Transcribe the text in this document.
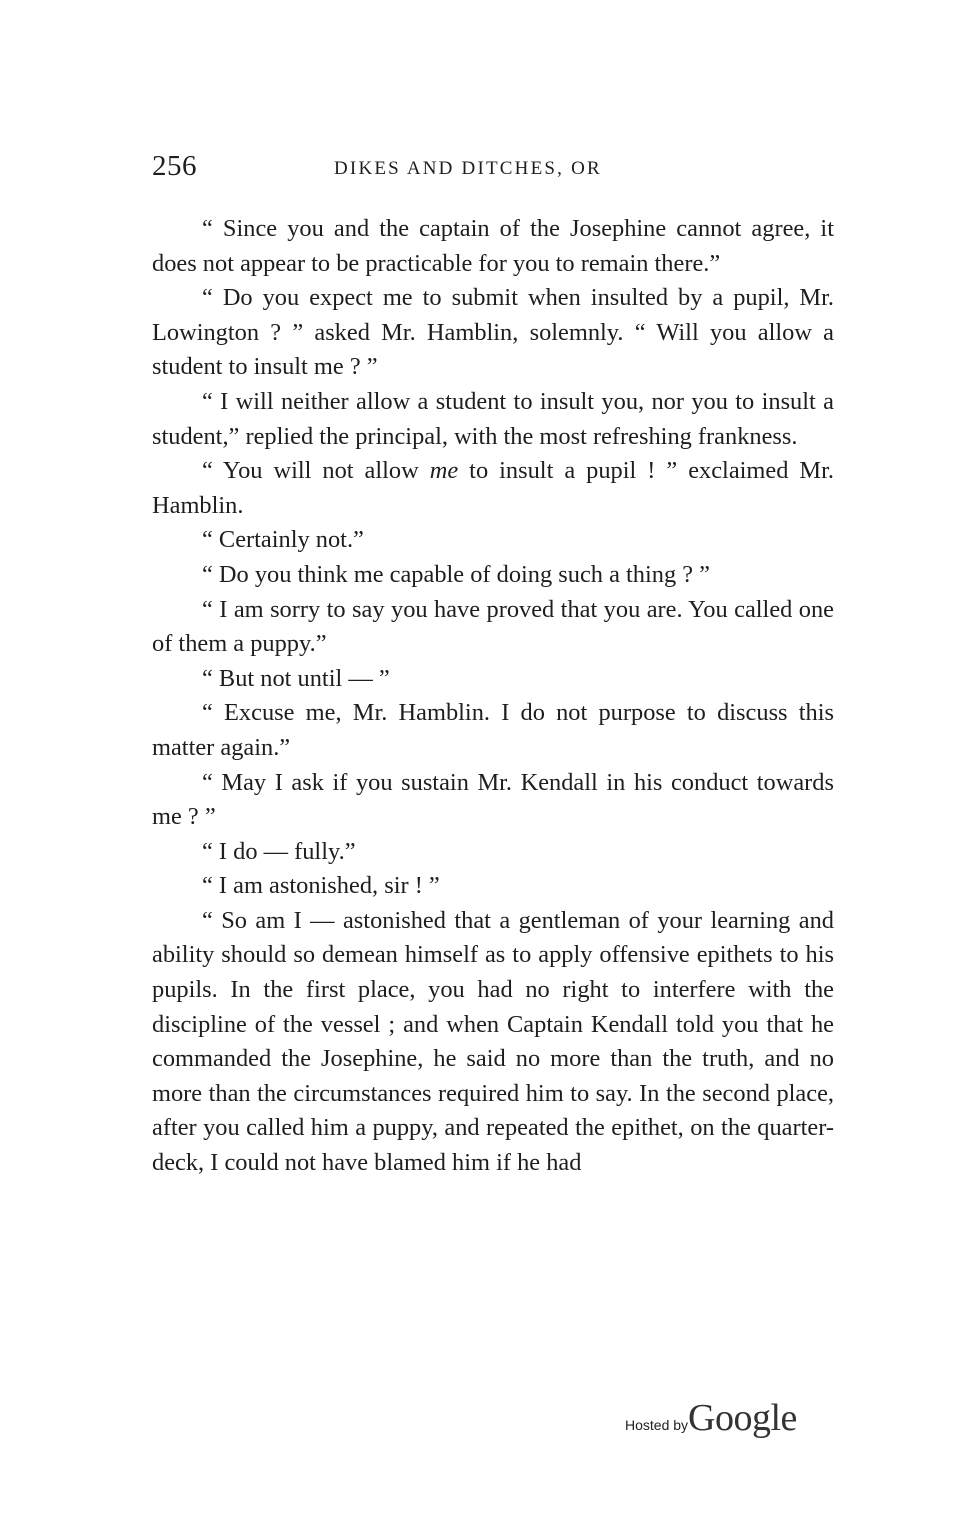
256	DIKES AND DITCHES, OR

“ Since you and the captain of the Josephine cannot agree, it does not appear to be practicable for you to remain there.”

“ Do you expect me to submit when insulted by a pupil, Mr. Lowington ? ” asked Mr. Hamblin, solemnly. “ Will you allow a student to insult me ? ”

“ I will neither allow a student to insult you, nor you to insult a student,” replied the principal, with the most refreshing frankness.

“ You will not allow me to insult a pupil ! ” exclaimed Mr. Hamblin.

“ Certainly not.”

“ Do you think me capable of doing such a thing ? ”

“ I am sorry to say you have proved that you are. You called one of them a puppy.”

“ But not until — ”

“ Excuse me, Mr. Hamblin. I do not purpose to discuss this matter again.”

“ May I ask if you sustain Mr. Kendall in his conduct towards me ? ”

“ I do — fully.”

“ I am astonished, sir ! ”

“ So am I — astonished that a gentleman of your learning and ability should so demean himself as to apply offensive epithets to his pupils. In the first place, you had no right to interfere with the discipline of the vessel ; and when Captain Kendall told you that he commanded the Josephine, he said no more than the truth, and no more than the circumstances required him to say. In the second place, after you called him a puppy, and repeated the epithet, on the quarter-deck, I could not have blamed him if he had

Hosted byGoogle
